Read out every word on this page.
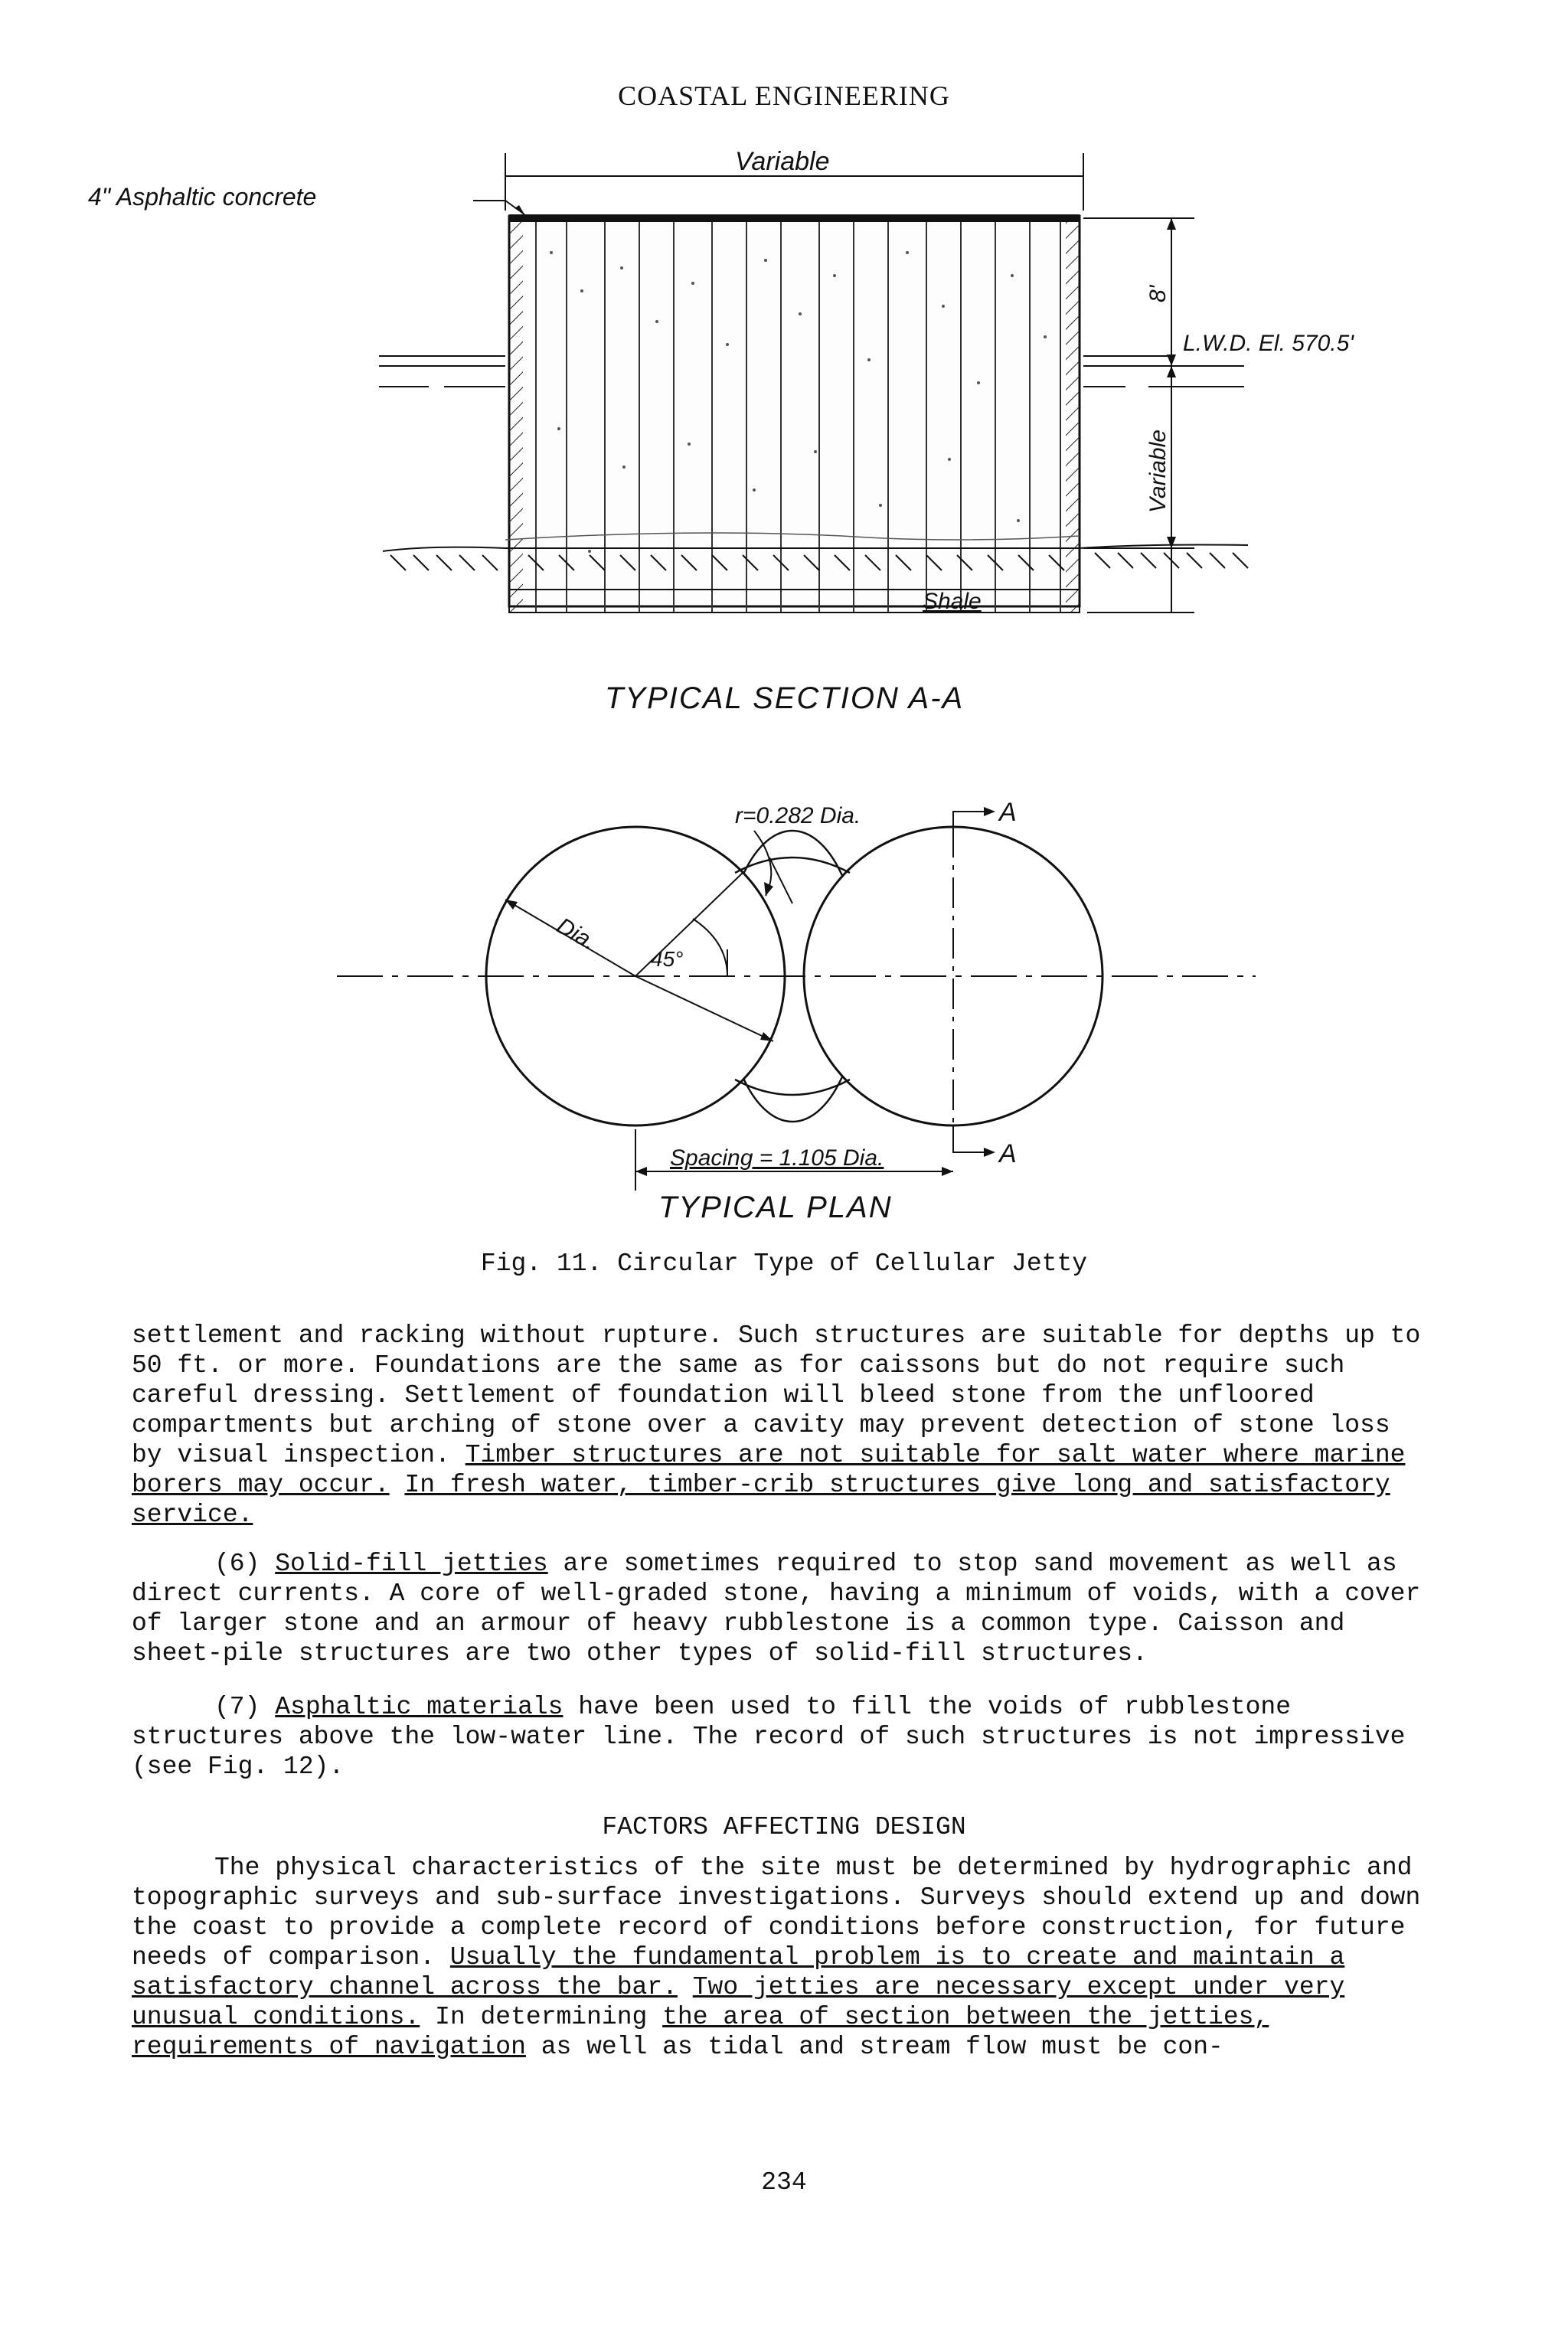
COASTAL ENGINEERING
Variable
4" Asphaltic concrete
Shale
8'
L.W.D. El. 570.5'
Variable
TYPICAL SECTION A-A
Dia.
45°
r=0.282 Dia.	A
A
Spacing = 1.105 Dia.
TYPICAL PLAN
Fig. 11. Circular Type of Cellular Jetty

settlement and racking without rupture. Such structures are suitable for depths up to 50 ft. or more. Foundations are the same as for caissons but do not require such careful dressing. Settlement of foundation will bleed stone from the unfloored compartments but arching of stone over a cavity may prevent detection of stone loss by visual inspection. Timber structures are not suitable for salt water where marine borers may occur. In fresh water, timber-crib structures give long and satisfactory service.

(6) Solid-fill jetties are sometimes required to stop sand movement as well as direct currents. A core of well-graded stone, having a minimum of voids, with a cover of larger stone and an armour of heavy rubblestone is a common type. Caisson and sheet-pile structures are two other types of solid-fill structures.

(7) Asphaltic materials have been used to fill the voids of rubblestone structures above the low-water line. The record of such structures is not impressive (see Fig. 12).

FACTORS AFFECTING DESIGN

The physical characteristics of the site must be determined by hydrographic and topographic surveys and sub-surface investigations. Surveys should extend up and down the coast to provide a complete record of conditions before construction, for future needs of comparison. Usually the fundamental problem is to create and maintain a satisfactory channel across the bar. Two jetties are necessary except under very unusual conditions. In determining the area of section between the jetties, requirements of navigation as well as tidal and stream flow must be con-

234
